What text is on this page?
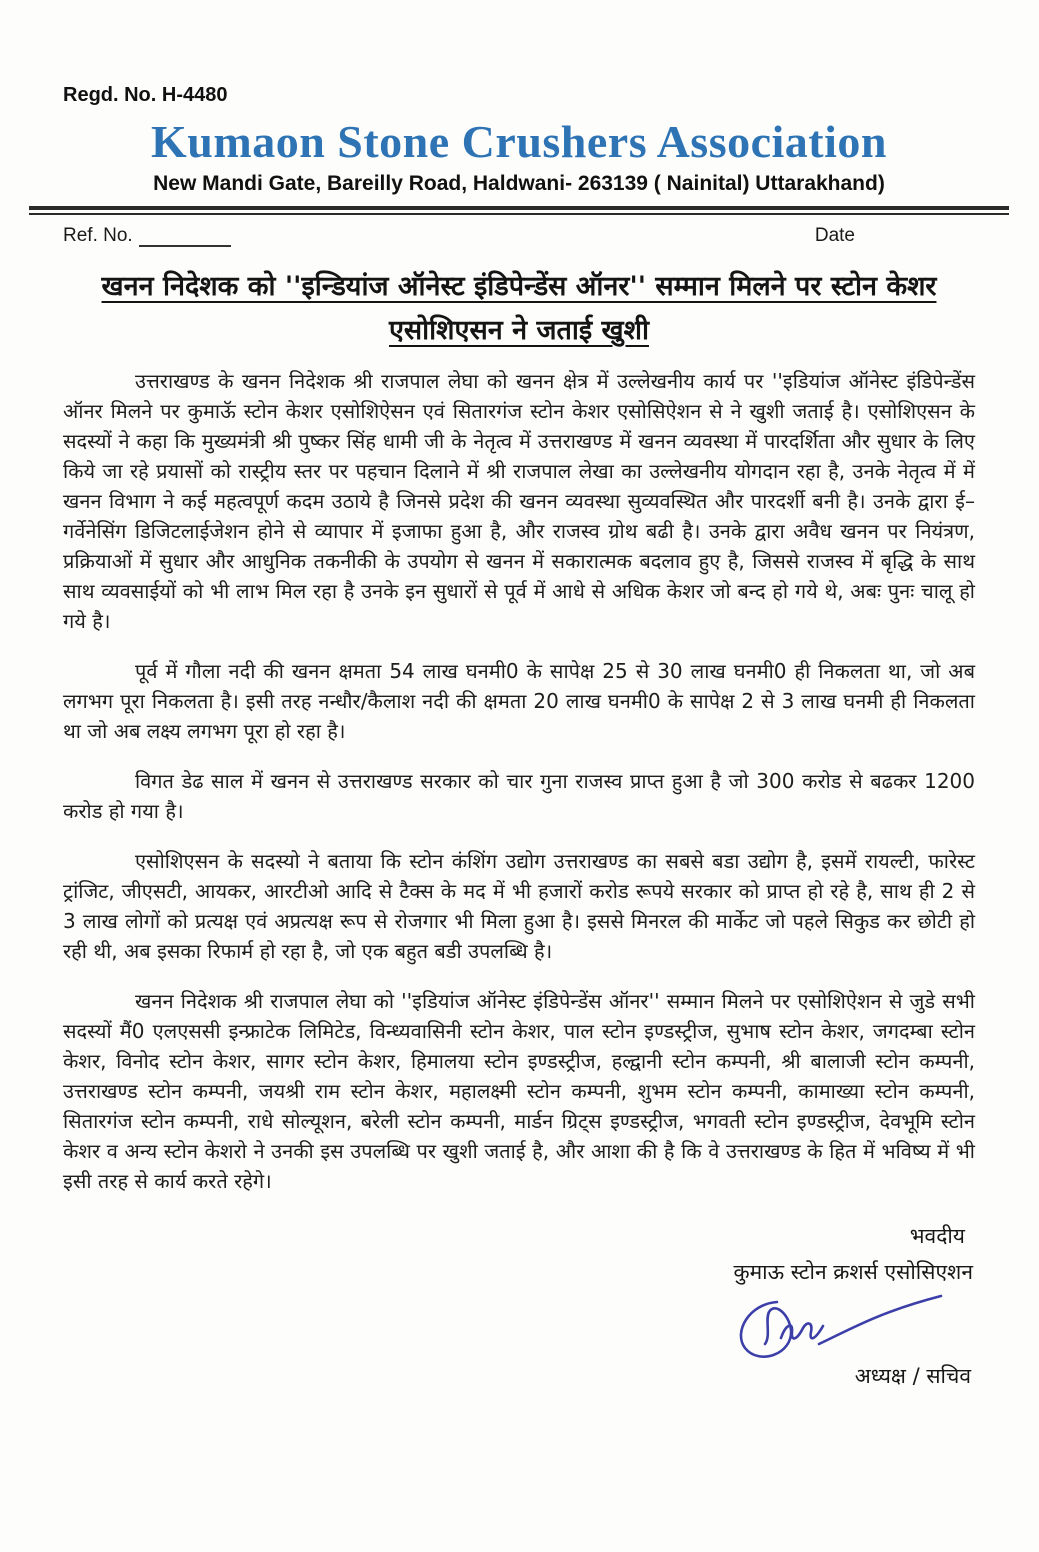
Regd. No. H-4480
Kumaon Stone Crushers Association
New Mandi Gate, Bareilly Road, Haldwani- 263139 ( Nainital) Uttarakhand)
Ref. No.	Date
खनन निदेशक को ''इन्डियांज ऑनेस्ट इंडिपेन्डेंस ऑनर'' सम्मान मिलने पर स्टोन केशर एसोशिएसन ने जताई खुशी

उत्तराखण्ड के खनन निदेशक श्री राजपाल लेघा को खनन क्षेत्र में उल्लेखनीय कार्य पर ''इडियांज ऑनेस्ट इंडिपेन्डेंस ऑनर मिलने पर कुमाऊॅ स्टोन केशर एसोशिऐसन एवं सितारगंज स्टोन केशर एसोसिऐशन से ने खुशी जताई है। एसोशिएसन के सदस्यों ने कहा कि मुख्यमंत्री श्री पुष्कर सिंह धामी जी के नेतृत्व में उत्तराखण्ड में खनन व्यवस्था में पारदर्शिता और सुधार के लिए किये जा रहे प्रयासों को रास्ट्रीय स्तर पर पहचान दिलाने में श्री राजपाल लेखा का उल्लेखनीय योगदान रहा है, उनके नेतृत्व में में खनन विभाग ने कई महत्वपूर्ण कदम उठाये है जिनसे प्रदेश की खनन व्यवस्था सुव्यवस्थित और पारदर्शी बनी है। उनके द्वारा ई–गर्वेनेसिंग डिजिटलाईजेशन होने से व्यापार में इजाफा हुआ है, और राजस्व ग्रोथ बढी है। उनके द्वारा अवैध खनन पर नियंत्रण, प्रक्रियाओं में सुधार और आधुनिक तकनीकी के उपयोग से खनन में सकारात्मक बदलाव हुए है, जिससे राजस्व में बृद्धि के साथ साथ व्यवसाईयों को भी लाभ मिल रहा है उनके इन सुधारों से पूर्व में आधे से अधिक केशर जो बन्द हो गये थे, अबः पुनः चालू हो गये है।

पूर्व में गौला नदी की खनन क्षमता 54 लाख घनमी0 के सापेक्ष 25 से 30 लाख घनमी0 ही निकलता था, जो अब लगभग पूरा निकलता है। इसी तरह नन्धौर/कैलाश नदी की क्षमता 20 लाख घनमी0 के सापेक्ष 2 से 3 लाख घनमी ही निकलता था जो अब लक्ष्य लगभग पूरा हो रहा है।

विगत डेढ साल में खनन से उत्तराखण्ड सरकार को चार गुना राजस्व प्राप्त हुआ है जो 300 करोड से बढकर 1200 करोड हो गया है।

एसोशिएसन के सदस्यो ने बताया कि स्टोन कंशिंग उद्योग उत्तराखण्ड का सबसे बडा उद्योग है, इसमें रायल्टी, फारेस्ट ट्रांजिट, जीएसटी, आयकर, आरटीओ आदि से टैक्स के मद में भी हजारों करोड रूपये सरकार को प्राप्त हो रहे है, साथ ही 2 से 3 लाख लोगों को प्रत्यक्ष एवं अप्रत्यक्ष रूप से रोजगार भी मिला हुआ है। इससे मिनरल की मार्केट जो पहले सिकुड कर छोटी हो रही थी, अब इसका रिफार्म हो रहा है, जो एक बहुत बडी उपलब्धि है।

खनन निदेशक श्री राजपाल लेघा को ''इडियांज ऑनेस्ट इंडिपेन्डेंस ऑनर'' सम्मान मिलने पर एसोशिऐशन से जुडे सभी सदस्यों मैं0 एलएससी इन्फ्राटेक लिमिटेड, विन्ध्यवासिनी स्टोन केशर, पाल स्टोन इण्डस्ट्रीज, सुभाष स्टोन केशर, जगदम्बा स्टोन केशर, विनोद स्टोन केशर, सागर स्टोन केशर, हिमालया स्टोन इण्डस्ट्रीज, हल्द्वानी स्टोन कम्पनी, श्री बालाजी स्टोन कम्पनी, उत्तराखण्ड स्टोन कम्पनी, जयश्री राम स्टोन केशर, महालक्ष्मी स्टोन कम्पनी, शुभम स्टोन कम्पनी, कामाख्या स्टोन कम्पनी, सितारगंज स्टोन कम्पनी, राधे सोल्यूशन, बरेली स्टोन कम्पनी, मार्डन ग्रिट्स इण्डस्ट्रीज, भगवती स्टोन इण्डस्ट्रीज, देवभूमि स्टोन केशर व अन्य स्टोन केशरो ने उनकी इस उपलब्धि पर खुशी जताई है, और आशा की है कि वे उत्तराखण्ड के हित में भविष्य में भी इसी तरह से कार्य करते रहेगे।

भवदीय
कुमाऊ स्टोन क्रशर्स एसोसिएशन
अध्यक्ष / सचिव
